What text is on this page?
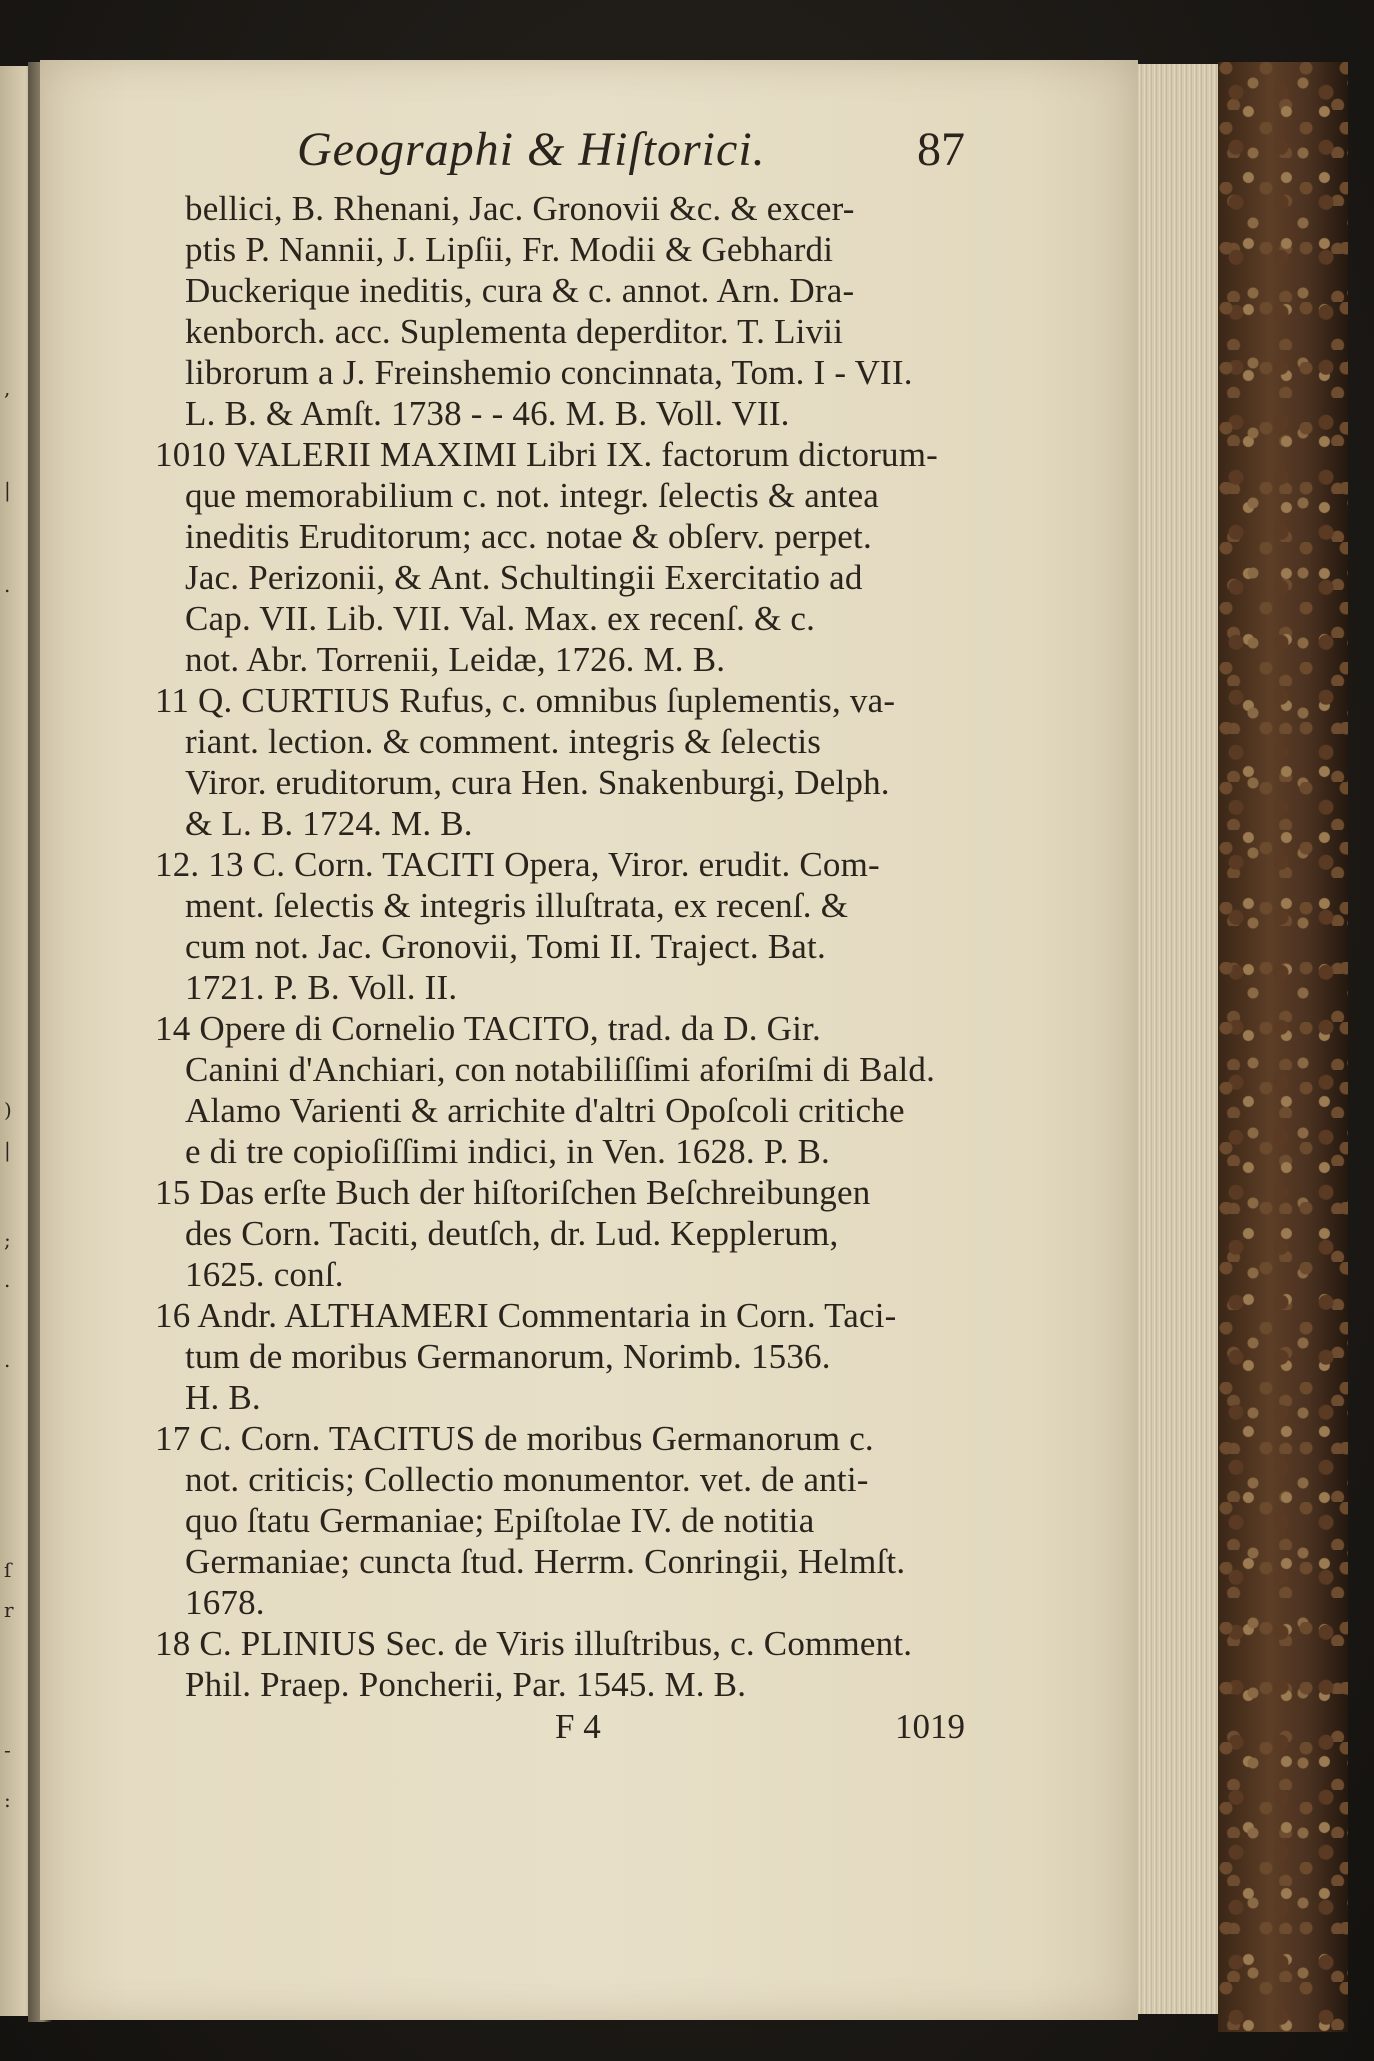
,
|
.
)
|
;
.
.
ſ
r
-
:
Geographi & Hiſtorici.	87
bellici, B. Rhenani, Jac. Gronovii &c. & excer-
ptis P. Nannii, J. Lipſii, Fr. Modii & Gebhardi
Duckerique ineditis, cura & c. annot. Arn. Dra-
kenborch. acc. Suplementa deperditor. T. Livii
librorum a J. Freinshemio concinnata, Tom. I - VII.
L. B. & Amſt. 1738 - - 46. M. B. Voll. VII.
1010 VALERII MAXIMI Libri IX. factorum dictorum-
que memorabilium c. not. integr. ſelectis & antea
ineditis Eruditorum; acc. notae & obſerv. perpet.
Jac. Perizonii, & Ant. Schultingii Exercitatio ad
Cap. VII. Lib. VII. Val. Max. ex recenſ. & c.
not. Abr. Torrenii, Leidæ, 1726. M. B.
11 Q. CURTIUS Rufus, c. omnibus ſuplementis, va-
riant. lection. & comment. integris & ſelectis
Viror. eruditorum, cura Hen. Snakenburgi, Delph.
& L. B. 1724. M. B.
12. 13 C. Corn. TACITI Opera, Viror. erudit. Com-
ment. ſelectis & integris illuſtrata, ex recenſ. &
cum not. Jac. Gronovii, Tomi II. Traject. Bat.
1721. P. B. Voll. II.
14 Opere di Cornelio TACITO, trad. da D. Gir.
Canini d'Anchiari, con notabiliſſimi aforiſmi di Bald.
Alamo Varienti & arrichite d'altri Opoſcoli critiche
e di tre copioſiſſimi indici, in Ven. 1628. P. B.
15 Das erſte Buch der hiſtoriſchen Beſchreibungen
des Corn. Taciti, deutſch, dr. Lud. Kepplerum,
1625. conſ.
16 Andr. ALTHAMERI Commentaria in Corn. Taci-
tum de moribus Germanorum, Norimb. 1536.
H. B.
17 C. Corn. TACITUS de moribus Germanorum c.
not. criticis; Collectio monumentor. vet. de anti-
quo ſtatu Germaniae; Epiſtolae IV. de notitia
Germaniae; cuncta ſtud. Herrm. Conringii, Helmſt.
1678.
18 C. PLINIUS Sec. de Viris illuſtribus, c. Comment.
Phil. Praep. Poncherii, Par. 1545. M. B.
F 4	1019
